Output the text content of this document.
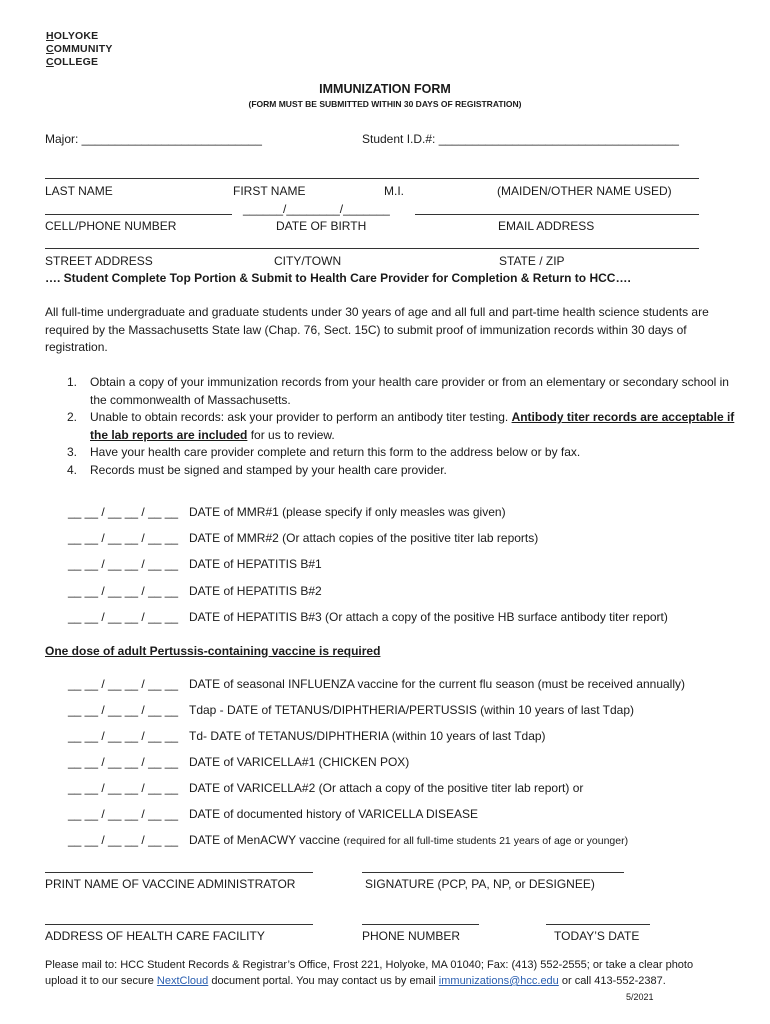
HOLYOKE
COMMUNITY
COLLEGE
IMMUNIZATION FORM
(FORM MUST BE SUBMITTED WITHIN 30 DAYS OF REGISTRATION)
Major: ___________________________	Student I.D.#: ____________________________________
LAST NAME	FIRST NAME	M.I.	(MAIDEN/OTHER NAME USED)
______/________/_______
CELL/PHONE NUMBER	DATE OF BIRTH	EMAIL ADDRESS
STREET ADDRESS	CITY/TOWN	STATE / ZIP
…. Student Complete Top Portion & Submit to Health Care Provider for Completion & Return to HCC….
All full-time undergraduate and graduate students under 30 years of age and all full and part-time health science students are required by the Massachusetts State law (Chap. 76, Sect. 15C) to submit proof of immunization records within 30 days of registration.
1. Obtain a copy of your immunization records from your health care provider or from an elementary or secondary school in the commonwealth of Massachusetts.
2. Unable to obtain records: ask your provider to perform an antibody titer testing. Antibody titer records are acceptable if the lab reports are included for us to review.
3. Have your health care provider complete and return this form to the address below or by fax.
4. Records must be signed and stamped by your health care provider.
__ __ / __ __ / __ __ DATE of MMR#1 (please specify if only measles was given)
__ __ / __ __ / __ __ DATE of MMR#2 (Or attach copies of the positive titer lab reports)
__ __ / __ __ / __ __ DATE of HEPATITIS B#1
__ __ / __ __ / __ __ DATE of HEPATITIS B#2
__ __ / __ __ / __ __ DATE of HEPATITIS B#3 (Or attach a copy of the positive HB surface antibody titer report)
One dose of adult Pertussis-containing vaccine is required
__ __ / __ __ / __ __ DATE of seasonal INFLUENZA vaccine for the current flu season (must be received annually)
__ __ / __ __ / __ __ Tdap - DATE of TETANUS/DIPHTHERIA/PERTUSSIS (within 10 years of last Tdap)
__ __ / __ __ / __ __ Td- DATE of TETANUS/DIPHTHERIA (within 10 years of last Tdap)
__ __ / __ __ / __ __ DATE of VARICELLA#1 (CHICKEN POX)
__ __ / __ __ / __ __ DATE of VARICELLA#2 (Or attach a copy of the positive titer lab report) or
__ __ / __ __ / __ __ DATE of documented history of VARICELLA DISEASE
__ __ / __ __ / __ __ DATE of MenACWY vaccine (required for all full-time students 21 years of age or younger)
PRINT NAME OF VACCINE ADMINISTRATOR	SIGNATURE (PCP, PA, NP, or DESIGNEE)
ADDRESS OF HEALTH CARE FACILITY	PHONE NUMBER	TODAY’S DATE
Please mail to: HCC Student Records & Registrar’s Office, Frost 221, Holyoke, MA 01040; Fax: (413) 552-2555; or take a clear photo
upload it to our secure NextCloud document portal. You may contact us by email immunizations@hcc.edu or call 413-552-2387.
5/2021
